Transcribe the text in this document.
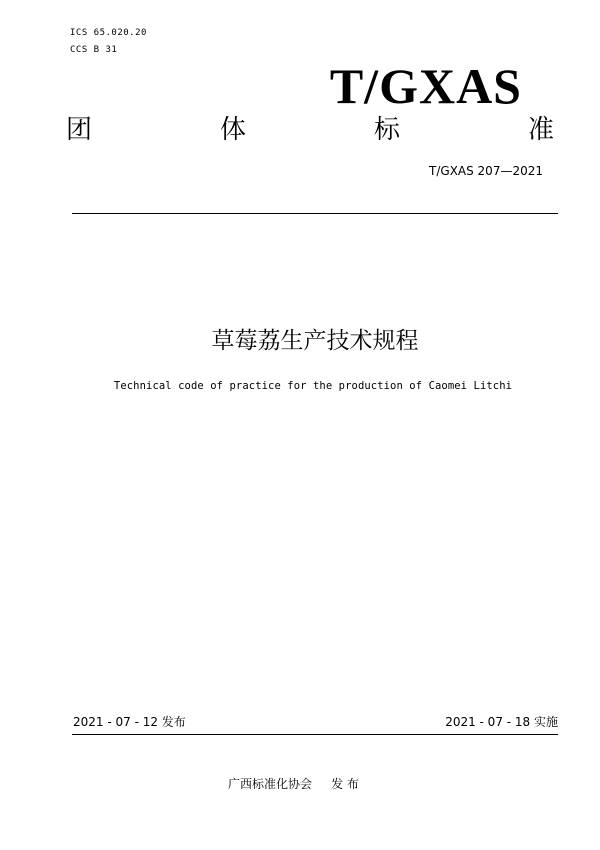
ICS 65.020.20
CCS B 31
T/GXAS
团	体	标	准
T/GXAS 207—2021
草莓荔生产技术规程
Technical code of practice for the production of Caomei Litchi
2021 - 07 - 12 发布	2021 - 07 - 18 实施
广西标准化协会     发 布
